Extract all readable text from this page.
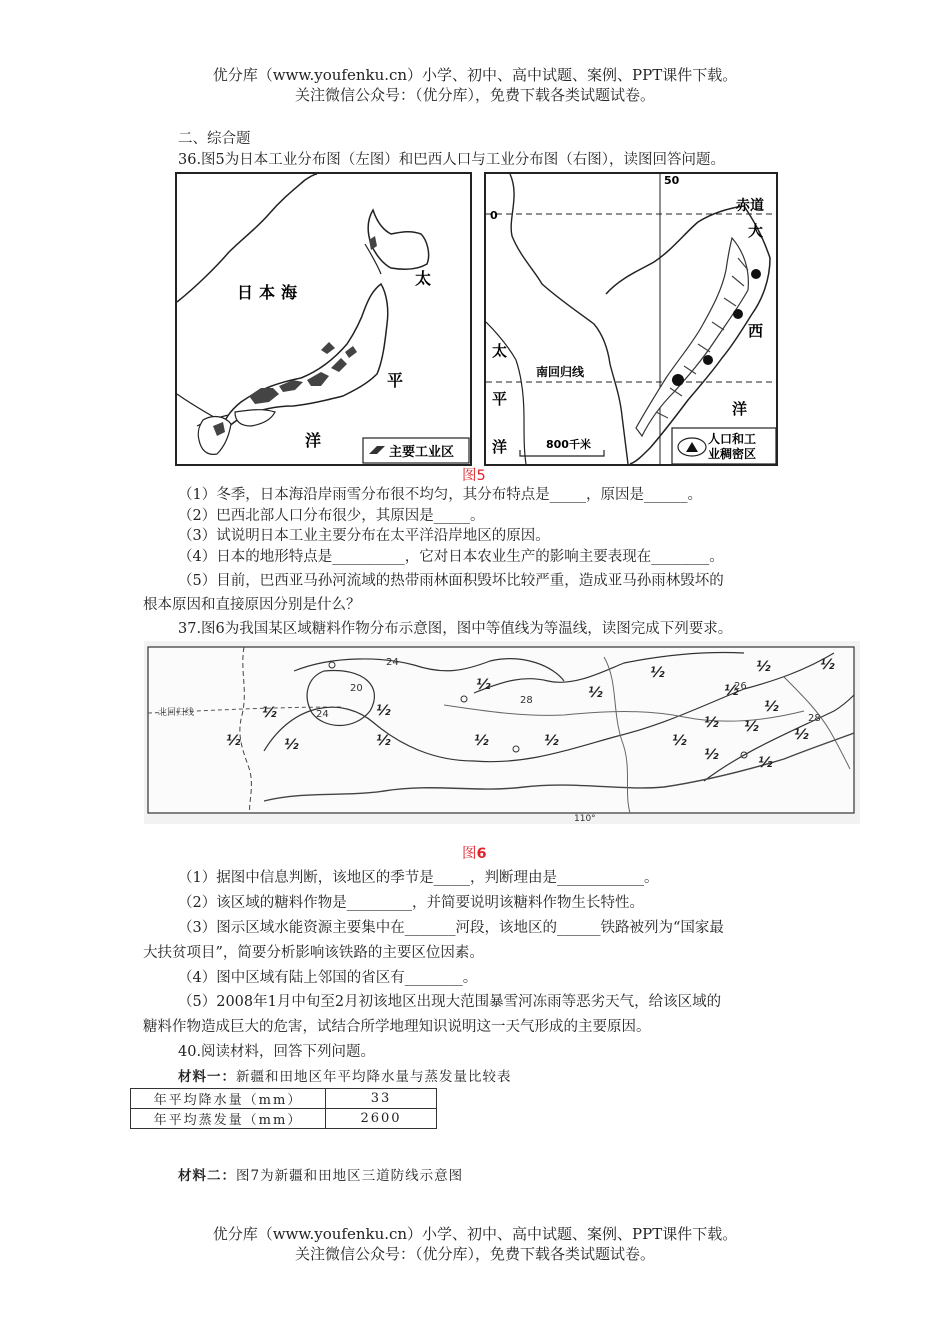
优分库（www.youfenku.cn）小学、初中、高中试题、案例、PPT课件下载。
关注微信公众号：（优分库），免费下载各类试题试卷。
二、综合题
36.图5为日本工业分布图（左图）和巴西人口与工业分布图（右图），读图回答问题。
日本海
太
平
洋
主要工业区
50
0
赤道
南回归线
太
平
洋
大
西
洋
800千米	人口和工
业稠密区
图5
（1）冬季，日本海沿岸雨雪分布很不均匀，其分布特点是_____，原因是______。
（2）巴西北部人口分布很少，其原因是_____。
（3）试说明日本工业主要分布在太平洋沿岸地区的原因。
（4）日本的地形特点是__________，它对日本农业生产的影响主要表现在________。
（5）目前，巴西亚马孙河流域的热带雨林面积毁坏比较严重，造成亚马孙雨林毁坏的
根本原因和直接原因分别是什么？
37.图6为我国某区域糖料作物分布示意图，图中等值线为等温线，读图完成下列要求。
½
½
½
½
½
½	½
½
½
½	½	½	½	½	½
½ ½	½
½	½
北回归线
20
24
24
28
26
28
110°
图6
（1）据图中信息判断，该地区的季节是_____，判断理由是____________。
（2）该区域的糖料作物是_________，并简要说明该糖料作物生长特性。
（3）图示区域水能资源主要集中在_______河段，该地区的______铁路被列为“国家最
大扶贫项目”，简要分析影响该铁路的主要区位因素。
（4）图中区域有陆上邻国的省区有________。
（5）2008年1月中旬至2月初该地区出现大范围暴雪河冻雨等恶劣天气，给该区域的
糖料作物造成巨大的危害，试结合所学地理知识说明这一天气形成的主要原因。
40.阅读材料，回答下列问题。
材料一：新疆和田地区年平均降水量与蒸发量比较表
年平均降水量（mm）	33
年平均蒸发量（mm）	2600
材料二：图7为新疆和田地区三道防线示意图
优分库（www.youfenku.cn）小学、初中、高中试题、案例、PPT课件下载。
关注微信公众号：（优分库），免费下载各类试题试卷。
